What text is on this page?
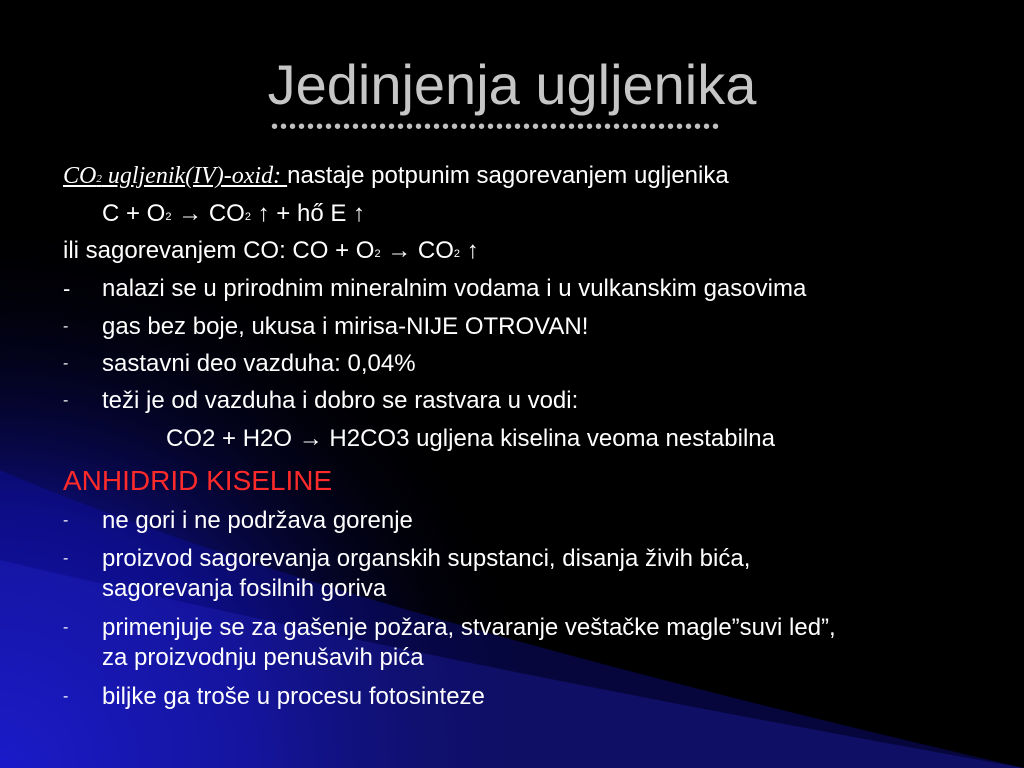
Jedinjenja ugljenika
••••••••••••••••••••••••••••••••••••••••••••••••••
$CO_2$ ugljenik(IV)-oxid: nastaje potpunim sagorevanjem ugljenika
$C + O_2 \to CO_2$ ↑ + hő E ↑
ili sagorevanjem CO: CO + $O_2 \to CO_2$ ↑
-	nalazi se u prirodnim mineralnim vodama i u vulkanskim gasovima
-	gas bez boje, ukusa i mirisa-NIJE OTROVAN!
-	sastavni deo vazduha: 0,04%
-	teži je od vazduha i dobro se rastvara u vodi:
CO2 + H2O → H2CO3 ugljena kiselina veoma nestabilna
ANHIDRID KISELINE
-	ne gori i ne podržava gorenje
-	proizvod sagorevanja organskih supstanci, disanja živih bića,
sagorevanja fosilnih goriva
-	primenjuje se za gašenje požara, stvaranje veštačke magle”suvi led”,
za proizvodnju penušavih pića
-	biljke ga troše u procesu fotosinteze
